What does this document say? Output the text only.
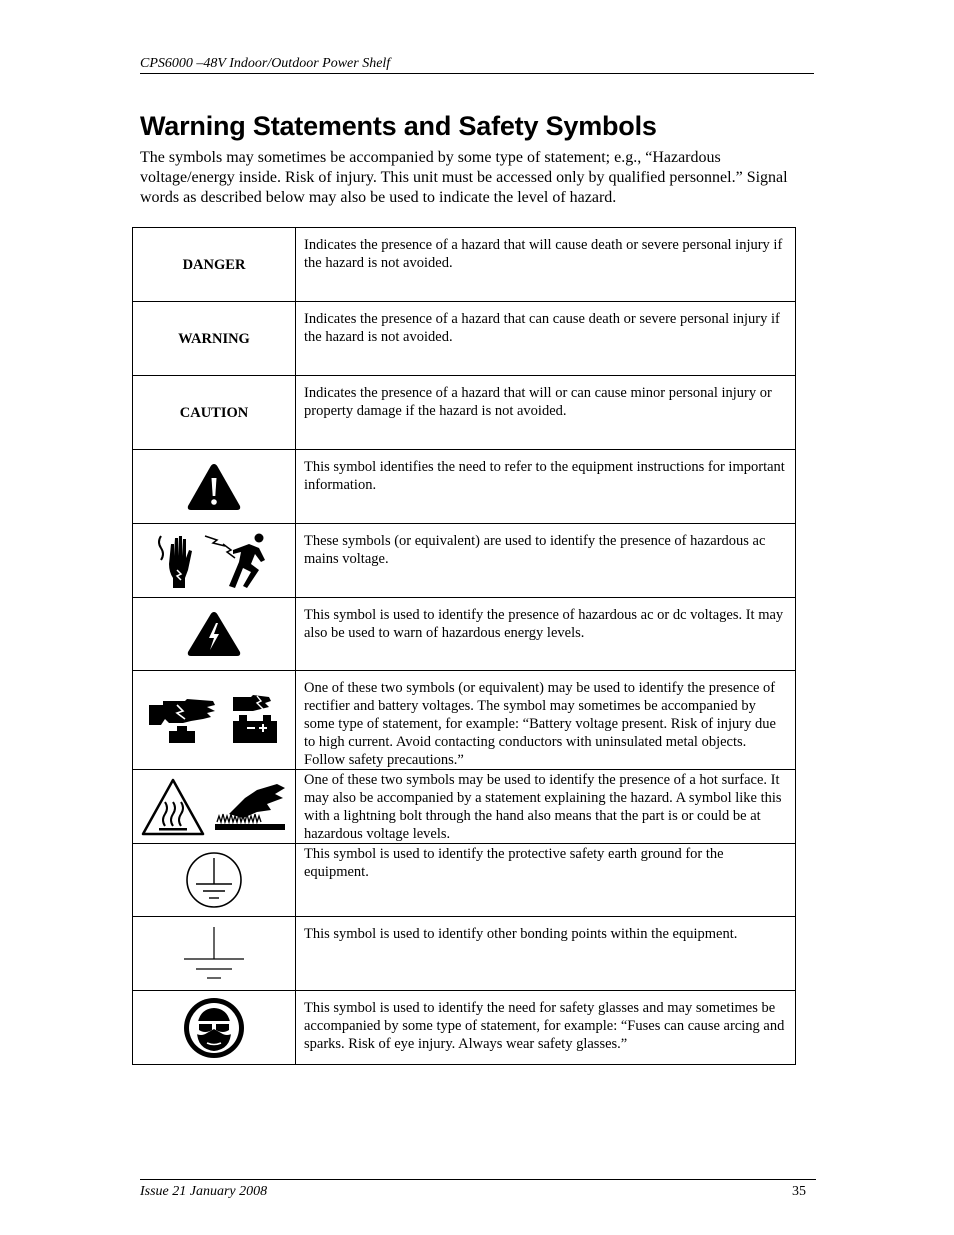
CPS6000 –48V Indoor/Outdoor Power Shelf
Warning Statements and Safety Symbols

The symbols may sometimes be accompanied by some type of statement; e.g., “Hazardous voltage/energy inside. Risk of injury. This unit must be accessed only by qualified personnel.” Signal words as described below may also be used to indicate the level of hazard.

DANGER	Indicates the presence of a hazard that will cause death or severe personal injury if the hazard is not avoided.
WARNING	Indicates the presence of a hazard that can cause death or severe personal injury if the hazard is not avoided.
CAUTION	Indicates the presence of a hazard that will or can cause minor personal injury or property damage if the hazard is not avoided.

	This symbol identifies the need to refer to the equipment instructions for important information.

	These symbols (or equivalent) are used to identify the presence of hazardous ac mains voltage.

	This symbol is used to identify the presence of hazardous ac or dc voltages. It may also be used to warn of hazardous energy levels.

	One of these two symbols (or equivalent) may be used to identify the presence of rectifier and battery voltages. The symbol may sometimes be accompanied by some type of statement, for example: “Battery voltage present. Risk of injury due to high current. Avoid contacting conductors with uninsulated metal objects. Follow safety precautions.”

	One of these two symbols may be used to identify the presence of a hot surface. It may also be accompanied by a statement explaining the hazard. A symbol like this with a lightning bolt through the hand also means that the part is or could be at hazardous voltage levels.

	This symbol is used to identify the protective safety earth ground for the equipment.

	This symbol is used to identify other bonding points within the equipment.

	This symbol is used to identify the need for safety glasses and may sometimes be accompanied by some type of statement, for example: “Fuses can cause arcing and sparks. Risk of eye injury. Always wear safety glasses.”
Issue 21 January 2008	35
